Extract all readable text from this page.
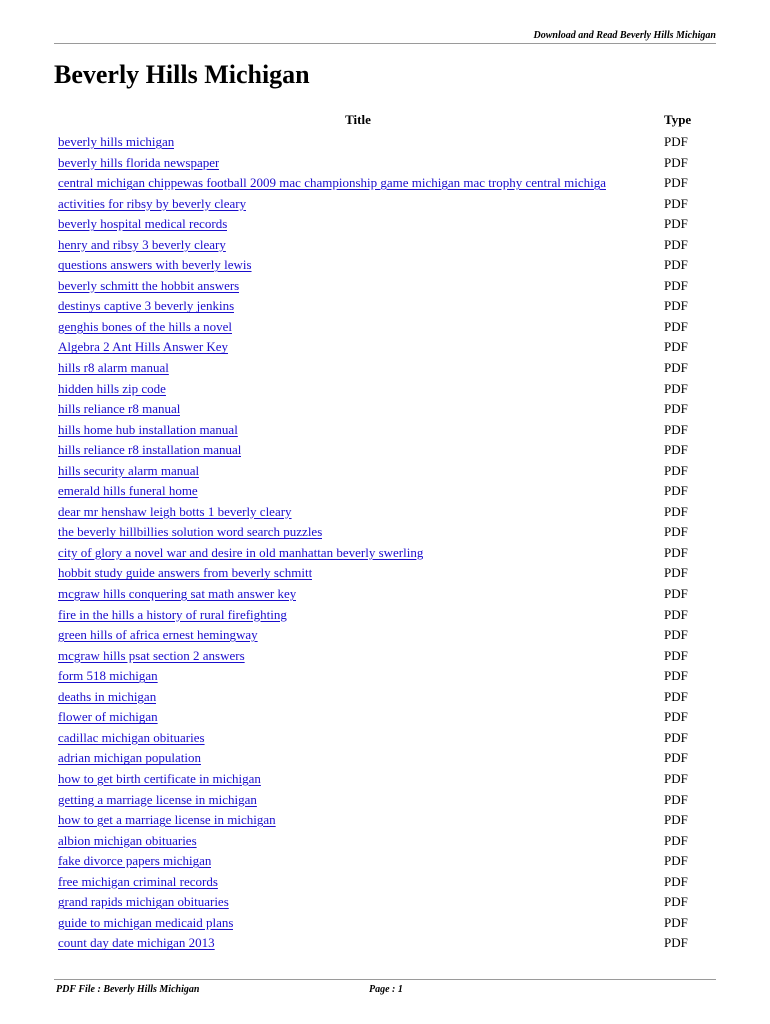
Download and Read Beverly Hills Michigan
Beverly Hills Michigan
Title	Type
beverly hills michigan	PDF
beverly hills florida newspaper	PDF
central michigan chippewas football 2009 mac championship game michigan mac trophy central michiga	PDF
activities for ribsy by beverly cleary	PDF
beverly hospital medical records	PDF
henry and ribsy 3 beverly cleary	PDF
questions answers with beverly lewis	PDF
beverly schmitt the hobbit answers	PDF
destinys captive 3 beverly jenkins	PDF
genghis bones of the hills a novel	PDF
Algebra 2 Ant Hills Answer Key	PDF
hills r8 alarm manual	PDF
hidden hills zip code	PDF
hills reliance r8 manual	PDF
hills home hub installation manual	PDF
hills reliance r8 installation manual	PDF
hills security alarm manual	PDF
emerald hills funeral home	PDF
dear mr henshaw leigh botts 1 beverly cleary	PDF
the beverly hillbillies solution word search puzzles	PDF
city of glory a novel war and desire in old manhattan beverly swerling	PDF
hobbit study guide answers from beverly schmitt	PDF
mcgraw hills conquering sat math answer key	PDF
fire in the hills a history of rural firefighting	PDF
green hills of africa ernest hemingway	PDF
mcgraw hills psat section 2 answers	PDF
form 518 michigan	PDF
deaths in michigan	PDF
flower of michigan	PDF
cadillac michigan obituaries	PDF
adrian michigan population	PDF
how to get birth certificate in michigan	PDF
getting a marriage license in michigan	PDF
how to get a marriage license in michigan	PDF
albion michigan obituaries	PDF
fake divorce papers michigan	PDF
free michigan criminal records	PDF
grand rapids michigan obituaries	PDF
guide to michigan medicaid plans	PDF
count day date michigan 2013	PDF
PDF File : Beverly Hills Michigan	Page : 1
